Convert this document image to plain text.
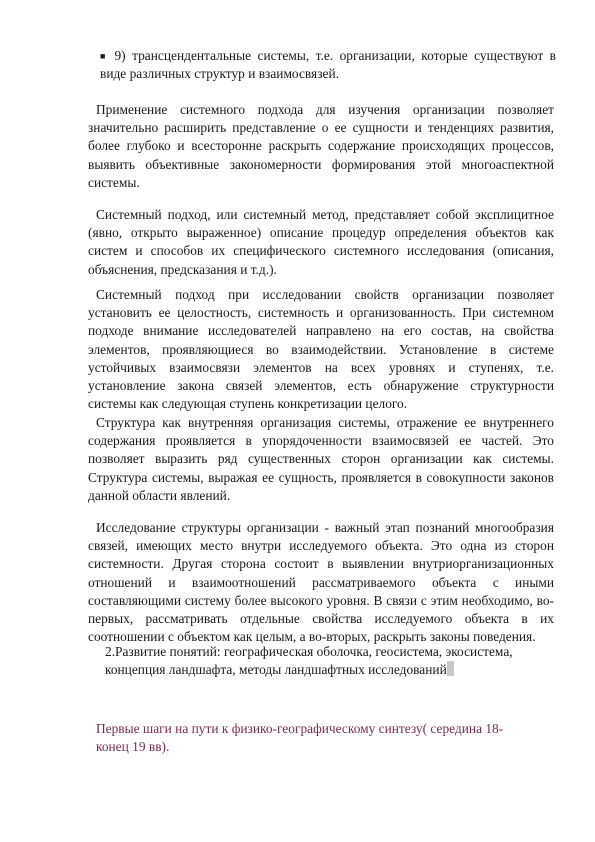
■ 9) трансцендентальные системы, т.е. организации, которые существуют в виде различных структур и взаимосвязей.

Применение системного подхода для изучения организации позволяет значительно расширить представление о ее сущности и тенденциях развития, более глубоко и всесторонне раскрыть содержание происходящих процессов, выявить объективные закономерности формирования этой многоаспектной системы.

Системный подход, или системный метод, представляет собой эксплицитное (явно, открыто выраженное) описание процедур определения объектов как систем и способов их специфического системного исследования (описания, объяснения, предсказания и т.д.).

Системный подход при исследовании свойств организации позволяет установить ее целостность, системность и организованность. При системном подходе внимание исследователей направлено на его состав, на свойства элементов, проявляющиеся во взаимодействии. Установление в системе устойчивых взаимосвязи элементов на всех уровнях и ступенях, т.е. установление закона связей элементов, есть обнаружение структурности системы как следующая ступень конкретизации целого.

Структура как внутренняя организация системы, отражение ее внутреннего содержания проявляется в упорядоченности взаимосвязей ее частей. Это позволяет выразить ряд существенных сторон организации как системы. Структура системы, выражая ее сущность, проявляется в совокупности законов данной области явлений.

Исследование структуры организации - важный этап познаний многообразия связей, имеющих место внутри исследуемого объекта. Это одна из сторон системности. Другая сторона состоит в выявлении внутриорганизационных отношений и взаимоотношений рассматриваемого объекта с иными составляющими систему более высокого уровня. В связи с этим необходимо, во-первых, рассматривать отдельные свойства исследуемого объекта в их соотношении с объектом как целым, а во-вторых, раскрыть законы поведения.

2.Развитие понятий: географическая оболочка, геосистема, экосистема, концепция ландшафта, методы ландшафтных исследований

Первые шаги на пути к физико-географическому синтезу( середина 18- конец 19 вв).
